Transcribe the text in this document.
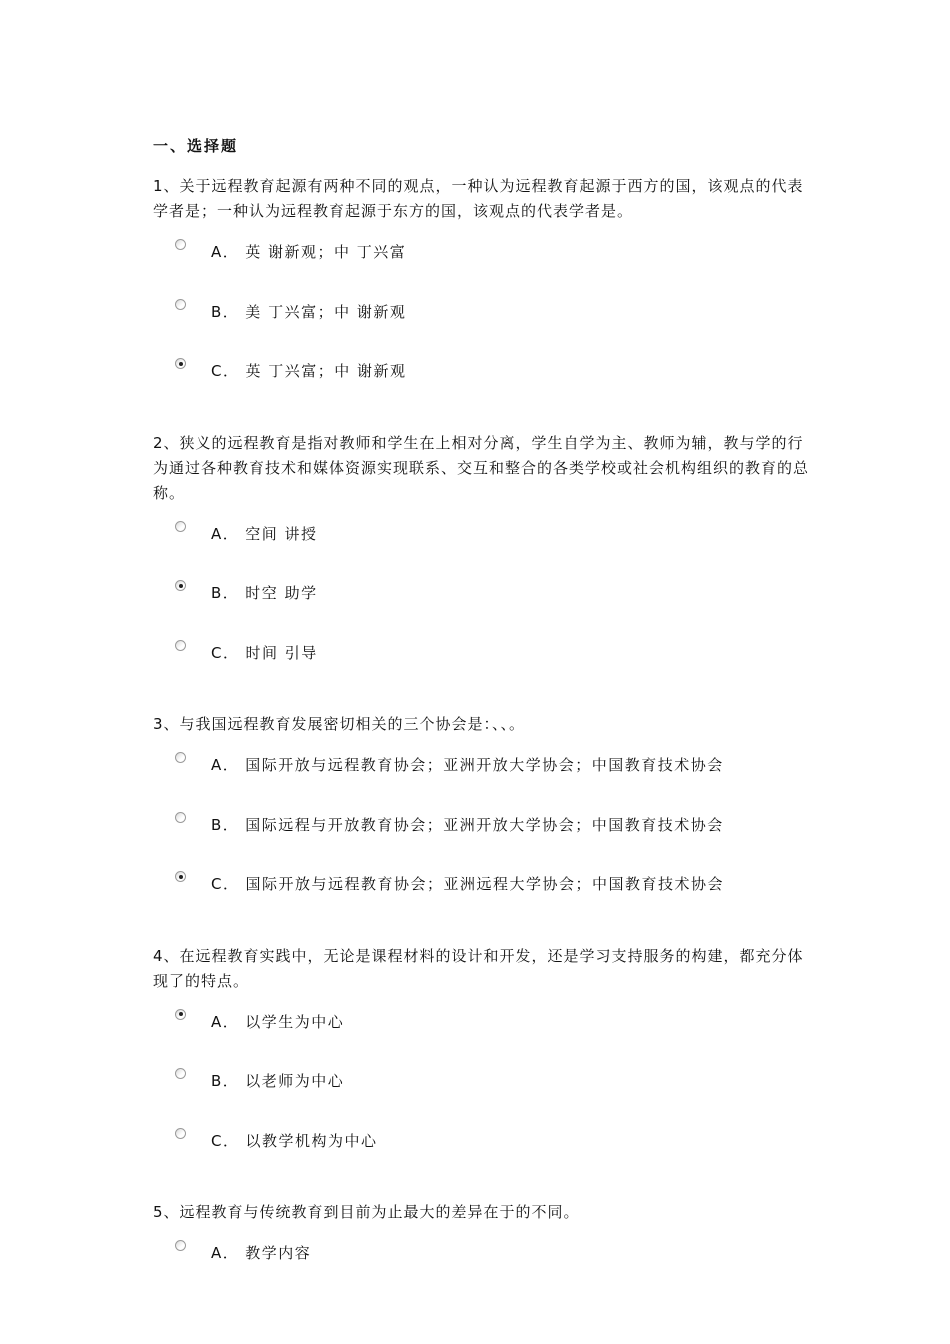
一、选择题
1、关于远程教育起源有两种不同的观点，一种认为远程教育起源于西方的国，该观点的代表学者是；一种认为远程教育起源于东方的国，该观点的代表学者是。
A． 英 谢新观；中 丁兴富
B． 美 丁兴富；中 谢新观
C． 英 丁兴富；中 谢新观
2、狭义的远程教育是指对教师和学生在上相对分离，学生自学为主、教师为辅，教与学的行为通过各种教育技术和媒体资源实现联系、交互和整合的各类学校或社会机构组织的教育的总称。
A． 空间 讲授
B． 时空 助学
C． 时间 引导
3、与我国远程教育发展密切相关的三个协会是：、、。
A． 国际开放与远程教育协会；亚洲开放大学协会；中国教育技术协会
B． 国际远程与开放教育协会；亚洲开放大学协会；中国教育技术协会
C． 国际开放与远程教育协会；亚洲远程大学协会；中国教育技术协会
4、在远程教育实践中，无论是课程材料的设计和开发，还是学习支持服务的构建，都充分体现了的特点。
A． 以学生为中心
B． 以老师为中心
C． 以教学机构为中心
5、远程教育与传统教育到目前为止最大的差异在于的不同。
A． 教学内容
